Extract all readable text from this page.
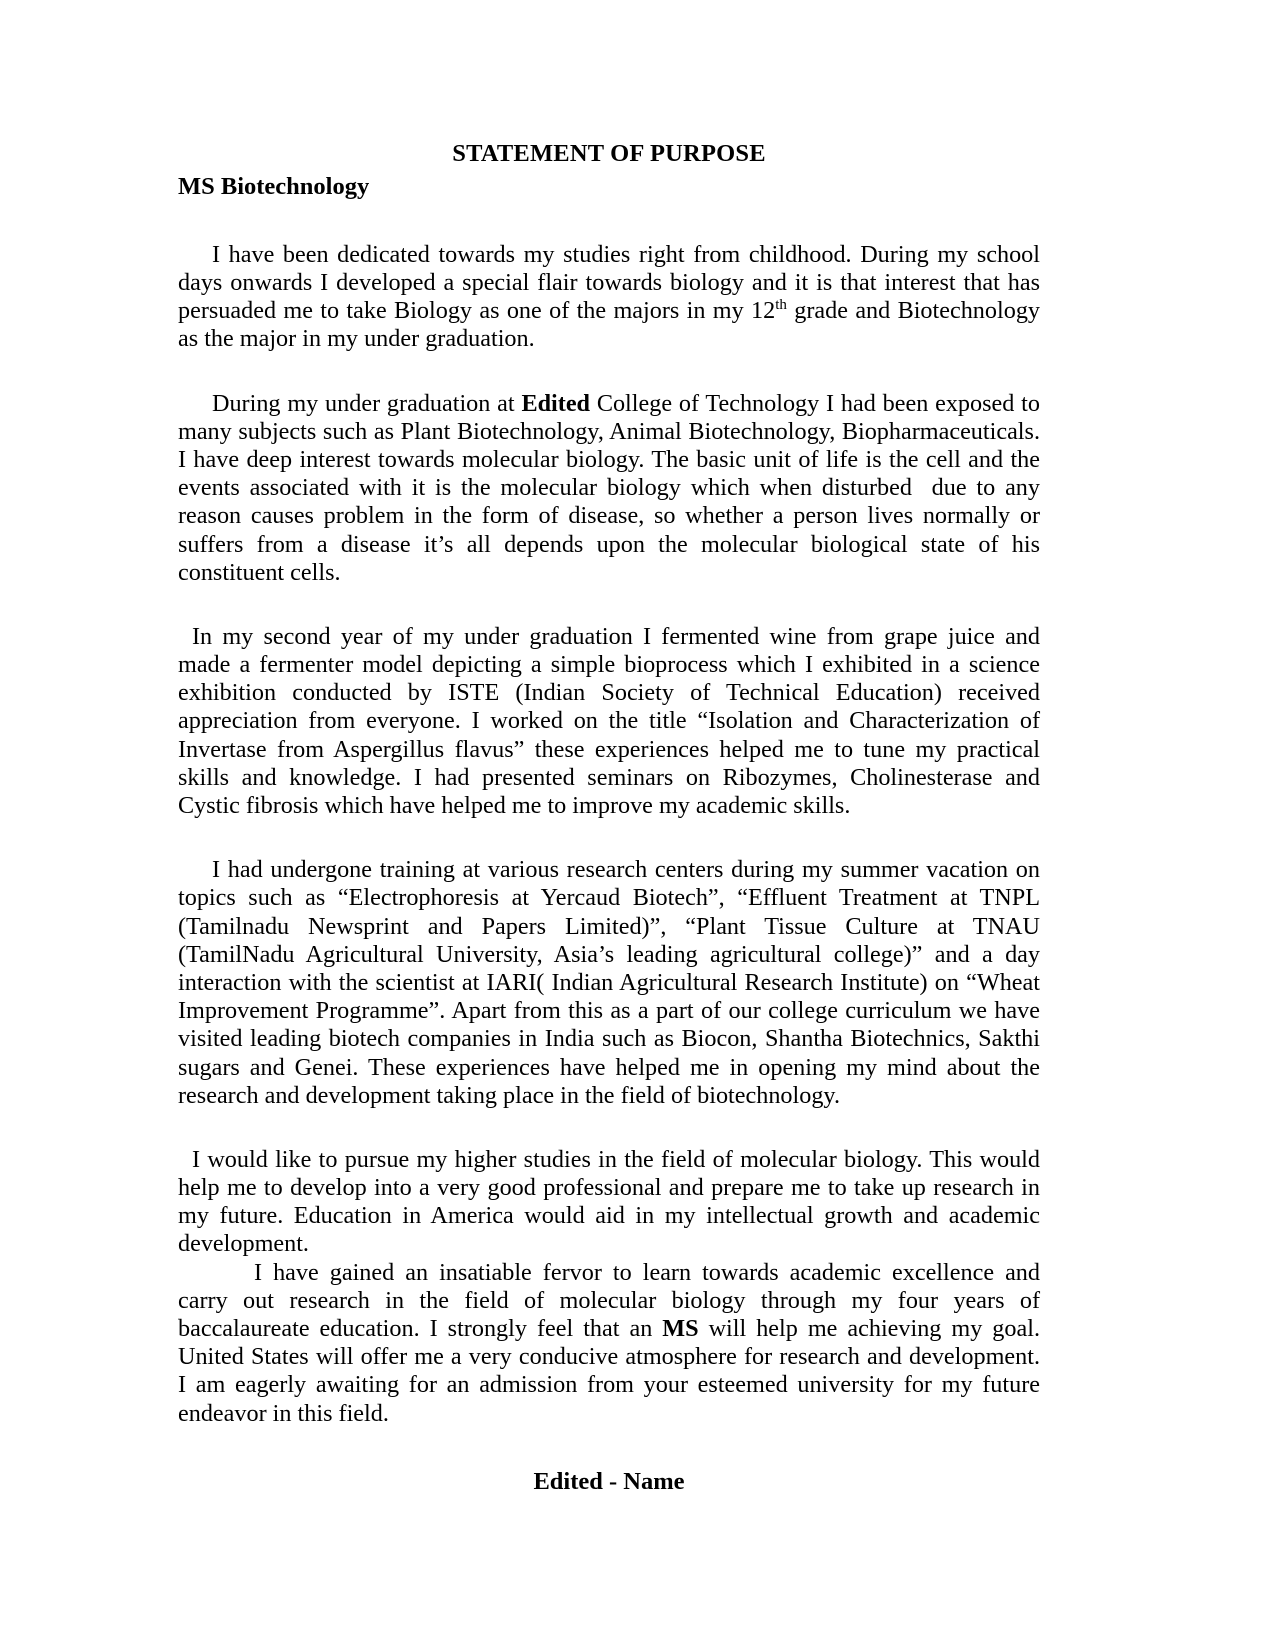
STATEMENT OF PURPOSE
MS Biotechnology

I have been dedicated towards my studies right from childhood. During my school days onwards I developed a special flair towards biology and it is that interest that has persuaded me to take Biology as one of the majors in my 12th grade and Biotechnology as the major in my under graduation.

During my under graduation at Edited College of Technology I had been exposed to many subjects such as Plant Biotechnology, Animal Biotechnology, Biopharmaceuticals. I have deep interest towards molecular biology. The basic unit of life is the cell and the events associated with it is the molecular biology which when disturbed  due to any reason causes problem in the form of disease, so whether a person lives normally or suffers from a disease it’s all depends upon the molecular biological state of his constituent cells.

In my second year of my under graduation I fermented wine from grape juice and made a fermenter model depicting a simple bioprocess which I exhibited in a science exhibition conducted by ISTE (Indian Society of Technical Education) received appreciation from everyone. I worked on the title “Isolation and Characterization of Invertase from Aspergillus flavus” these experiences helped me to tune my practical skills and knowledge. I had presented seminars on Ribozymes, Cholinesterase and Cystic fibrosis which have helped me to improve my academic skills.

I had undergone training at various research centers during my summer vacation on topics such as “Electrophoresis at Yercaud Biotech”, “Effluent Treatment at TNPL (Tamilnadu Newsprint and Papers Limited)”, “Plant Tissue Culture at TNAU (TamilNadu Agricultural University, Asia’s leading agricultural college)” and a day interaction with the scientist at IARI( Indian Agricultural Research Institute) on “Wheat Improvement Programme”. Apart from this as a part of our college curriculum we have visited leading biotech companies in India such as Biocon, Shantha Biotechnics, Sakthi sugars and Genei. These experiences have helped me in opening my mind about the research and development taking place in the field of biotechnology.

I would like to pursue my higher studies in the field of molecular biology. This would help me to develop into a very good professional and prepare me to take up research in my future. Education in America would aid in my intellectual growth and academic development.

I have gained an insatiable fervor to learn towards academic excellence and carry out research in the field of molecular biology through my four years of baccalaureate education. I strongly feel that an MS will help me achieving my goal.  United States will offer me a very conducive atmosphere for research and development. I am eagerly awaiting for an admission from your esteemed university for my future endeavor in this field.

Edited - Name
